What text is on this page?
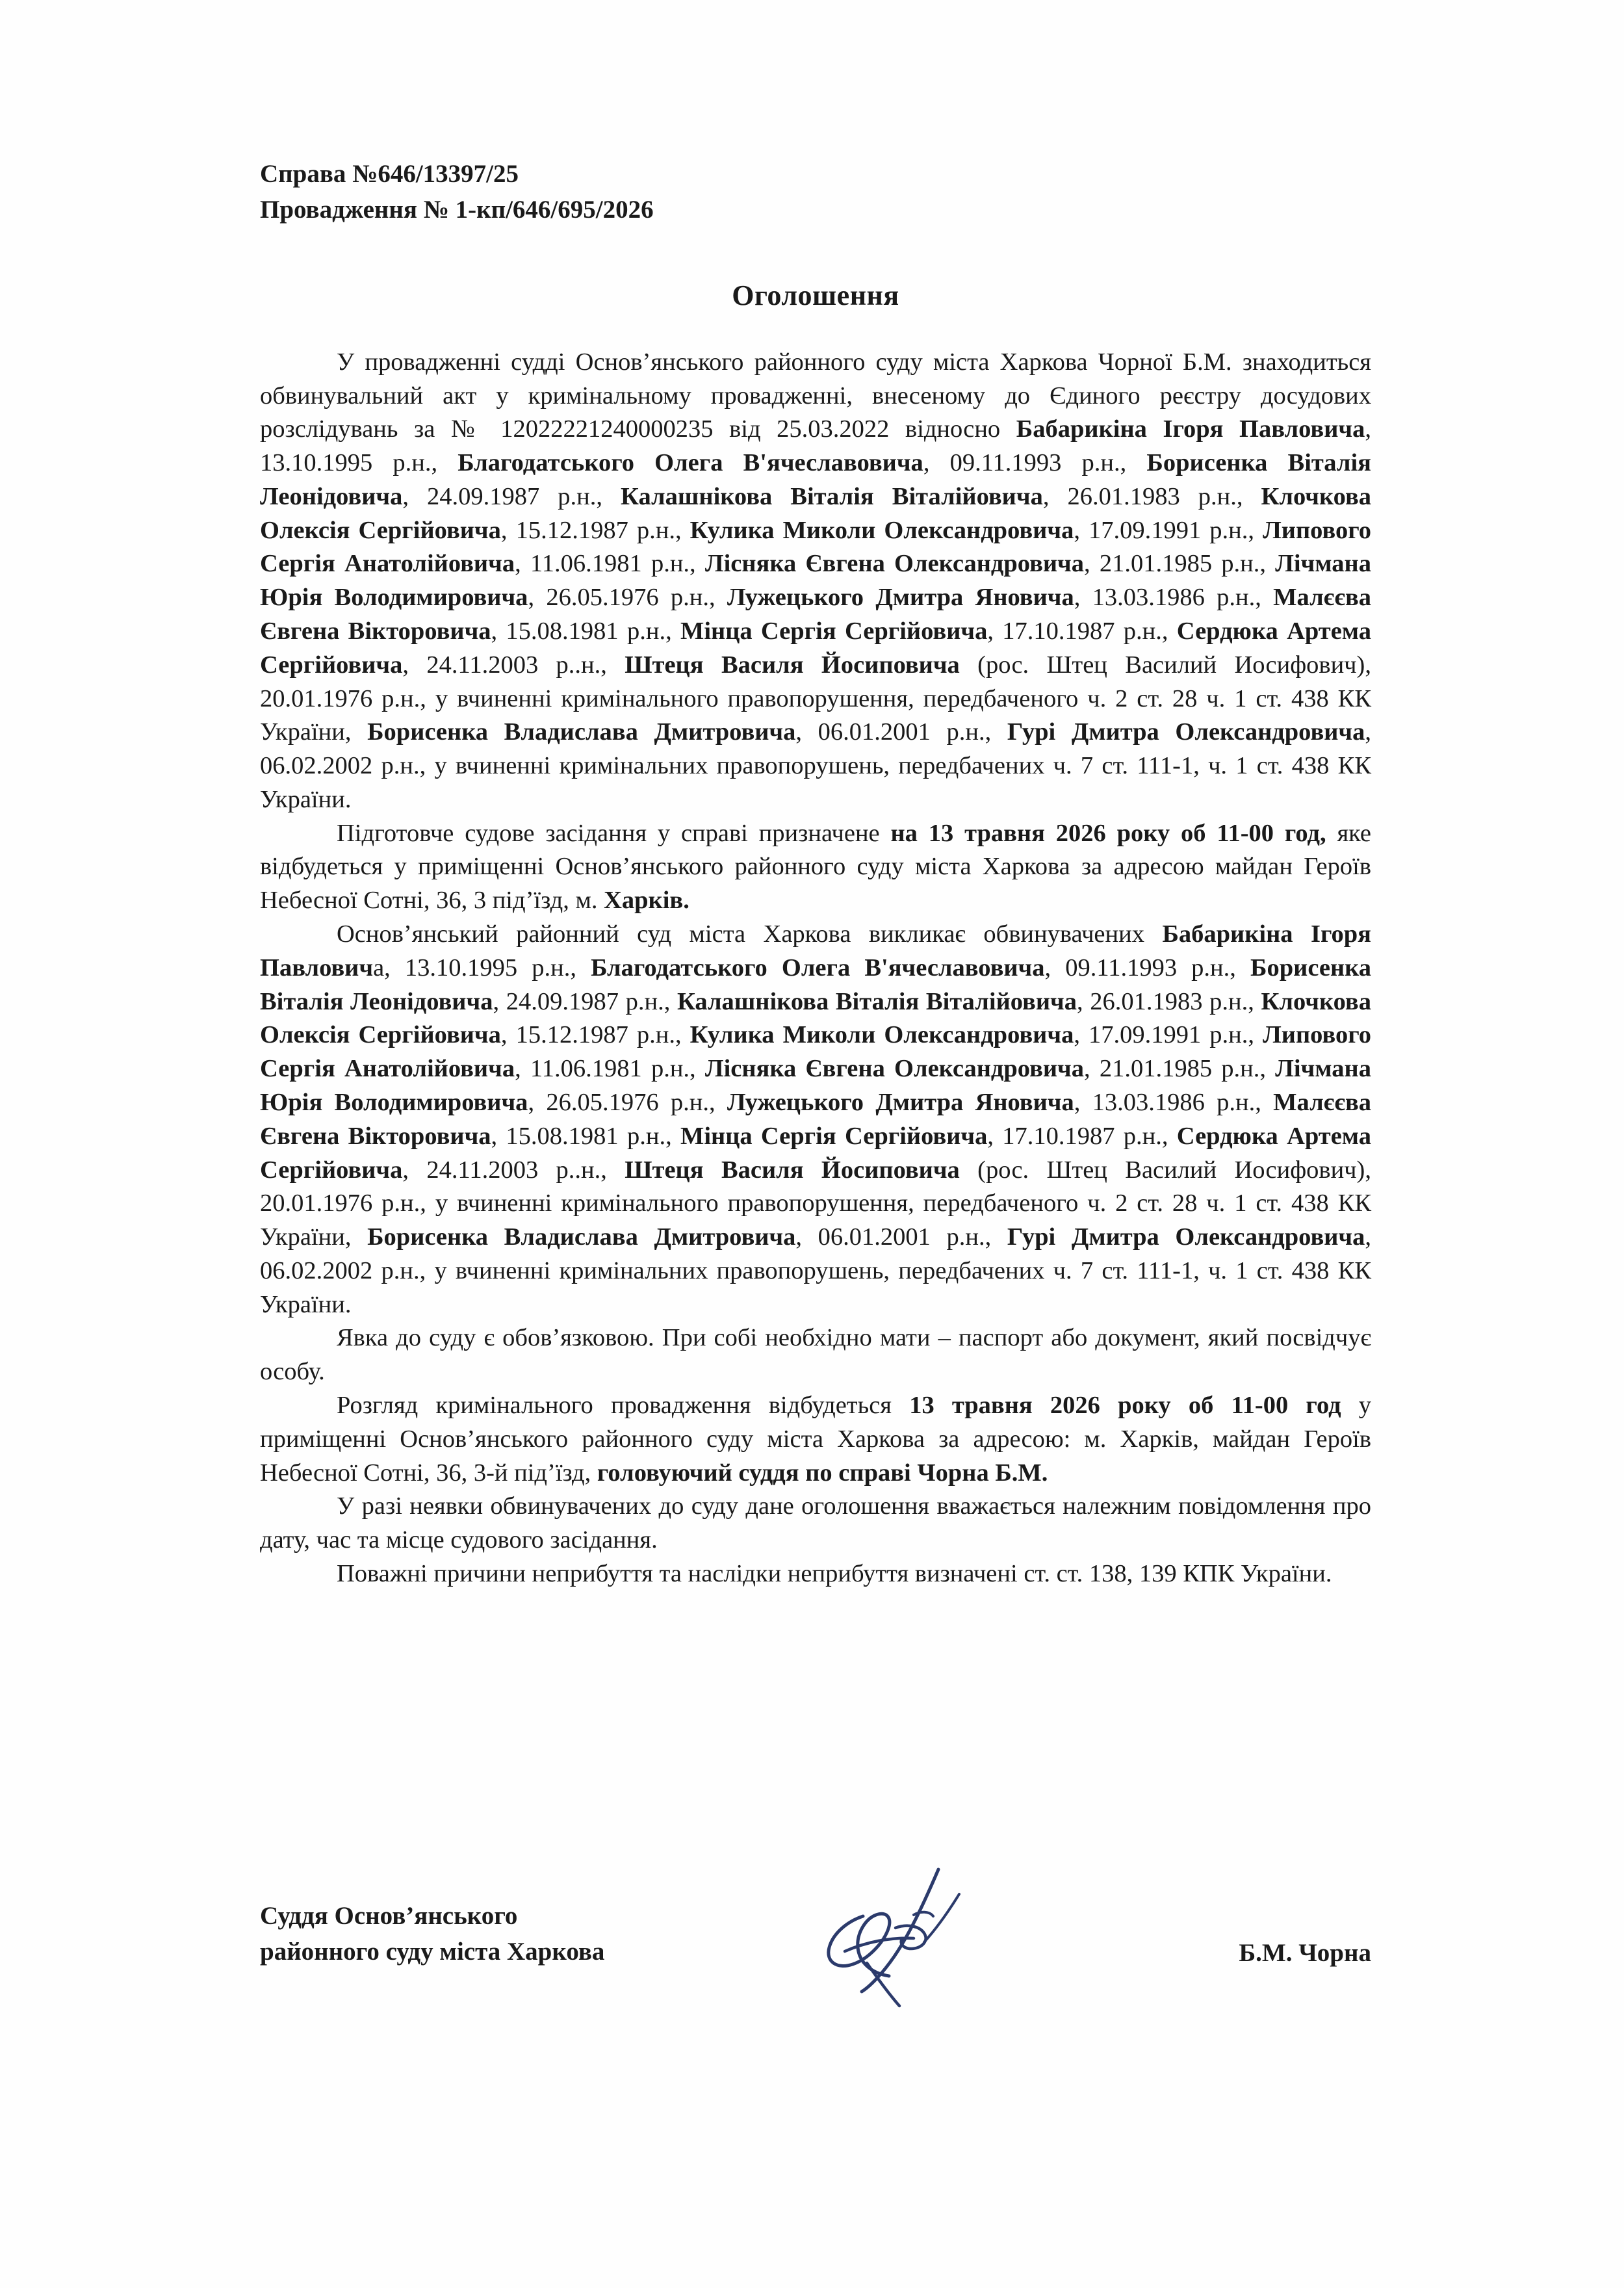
Справа №646/13397/25
Провадження № 1-кп/646/695/2026
Оголошення

У провадженні судді Основ’янського районного суду міста Харкова Чорної Б.М. знаходиться обвинувальний акт у кримінальному провадженні, внесеному до Єдиного реєстру досудових розслідувань за № 12022221240000235 від 25.03.2022 відносно Бабарикіна Ігоря Павловича, 13.10.1995 р.н., Благодатського Олега В'ячеславовича, 09.11.1993 р.н., Борисенка Віталія Леонідовича, 24.09.1987 р.н., Калашнікова Віталія Віталійовича, 26.01.1983 р.н., Клочкова Олексія Сергійовича, 15.12.1987 р.н., Кулика Миколи Олександровича, 17.09.1991 р.н., Липового Сергія Анатолійовича, 11.06.1981 р.н., Лісняка Євгена Олександровича, 21.01.1985 р.н., Лічмана Юрія Володимировича, 26.05.1976 р.н., Лужецького Дмитра Яновича, 13.03.1986 р.н., Малєєва Євгена Вікторовича, 15.08.1981 р.н., Мінца Сергія Сергійовича, 17.10.1987 р.н., Сердюка Артема Сергійовича, 24.11.2003 р..н., Штеця Василя Йосиповича (рос. Штец Василий Иосифович), 20.01.1976 р.н., у вчиненні кримінального правопорушення, передбаченого ч. 2 ст. 28 ч. 1 ст. 438 КК України, Борисенка Владислава Дмитровича, 06.01.2001 р.н., Гурі Дмитра Олександровича, 06.02.2002 р.н., у вчиненні кримінальних правопорушень, передбачених ч. 7 ст. 111-1, ч. 1 ст. 438 КК України.

Підготовче судове засідання у справі призначене на 13 травня 2026 року об 11-00 год, яке відбудеться у приміщенні Основ’янського районного суду міста Харкова за адресою майдан Героїв Небесної Сотні, 36, 3 під’їзд, м. Харків.

Основ’янський районний суд міста Харкова викликає обвинувачених Бабарикіна Ігоря Павловича, 13.10.1995 р.н., Благодатського Олега В'ячеславовича, 09.11.1993 р.н., Борисенка Віталія Леонідовича, 24.09.1987 р.н., Калашнікова Віталія Віталійовича, 26.01.1983 р.н., Клочкова Олексія Сергійовича, 15.12.1987 р.н., Кулика Миколи Олександровича, 17.09.1991 р.н., Липового Сергія Анатолійовича, 11.06.1981 р.н., Лісняка Євгена Олександровича, 21.01.1985 р.н., Лічмана Юрія Володимировича, 26.05.1976 р.н., Лужецького Дмитра Яновича, 13.03.1986 р.н., Малєєва Євгена Вікторовича, 15.08.1981 р.н., Мінца Сергія Сергійовича, 17.10.1987 р.н., Сердюка Артема Сергійовича, 24.11.2003 р..н., Штеця Василя Йосиповича (рос. Штец Василий Иосифович), 20.01.1976 р.н., у вчиненні кримінального правопорушення, передбаченого ч. 2 ст. 28 ч. 1 ст. 438 КК України, Борисенка Владислава Дмитровича, 06.01.2001 р.н., Гурі Дмитра Олександровича, 06.02.2002 р.н., у вчиненні кримінальних правопорушень, передбачених ч. 7 ст. 111-1, ч. 1 ст. 438 КК України.

Явка до суду є обов’язковою. При собі необхідно мати – паспорт або документ, який посвідчує особу.

Розгляд кримінального провадження відбудеться 13 травня 2026 року об 11-00 год у приміщенні Основ’янського районного суду міста Харкова за адресою: м. Харків, майдан Героїв Небесної Сотні, 36, 3-й під’їзд, головуючий суддя по справі Чорна Б.М.

У разі неявки обвинувачених до суду дане оголошення вважається належним повідомлення про дату, час та місце судового засідання.

Поважні причини неприбуття та наслідки неприбуття визначені ст. ст. 138, 139 КПК України.

Суддя Основ’янського
районного суду міста Харкова	Б.М. Чорна
